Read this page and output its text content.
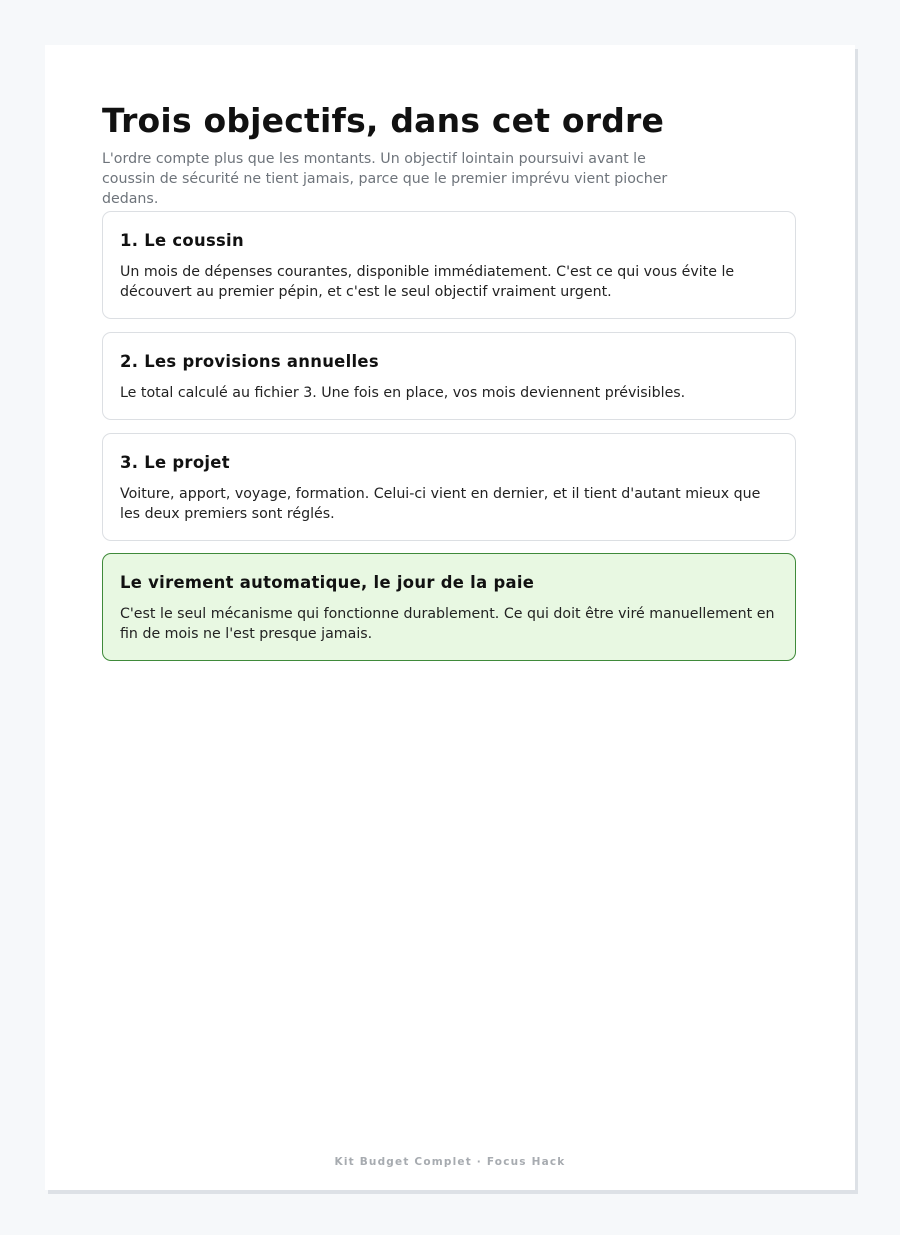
Trois objectifs, dans cet ordre

L'ordre compte plus que les montants. Un objectif lointain poursuivi avant le coussin de sécurité ne tient jamais, parce que le premier imprévu vient piocher dedans.

1. Le coussin

Un mois de dépenses courantes, disponible immédiatement. C'est ce qui vous évite le découvert au premier pépin, et c'est le seul objectif vraiment urgent.

2. Les provisions annuelles

Le total calculé au fichier 3. Une fois en place, vos mois deviennent prévisibles.

3. Le projet

Voiture, apport, voyage, formation. Celui-ci vient en dernier, et il tient d'autant mieux que les deux premiers sont réglés.

Le virement automatique, le jour de la paie

C'est le seul mécanisme qui fonctionne durablement. Ce qui doit être viré manuellement en fin de mois ne l'est presque jamais.

Kit Budget Complet · Focus Hack
